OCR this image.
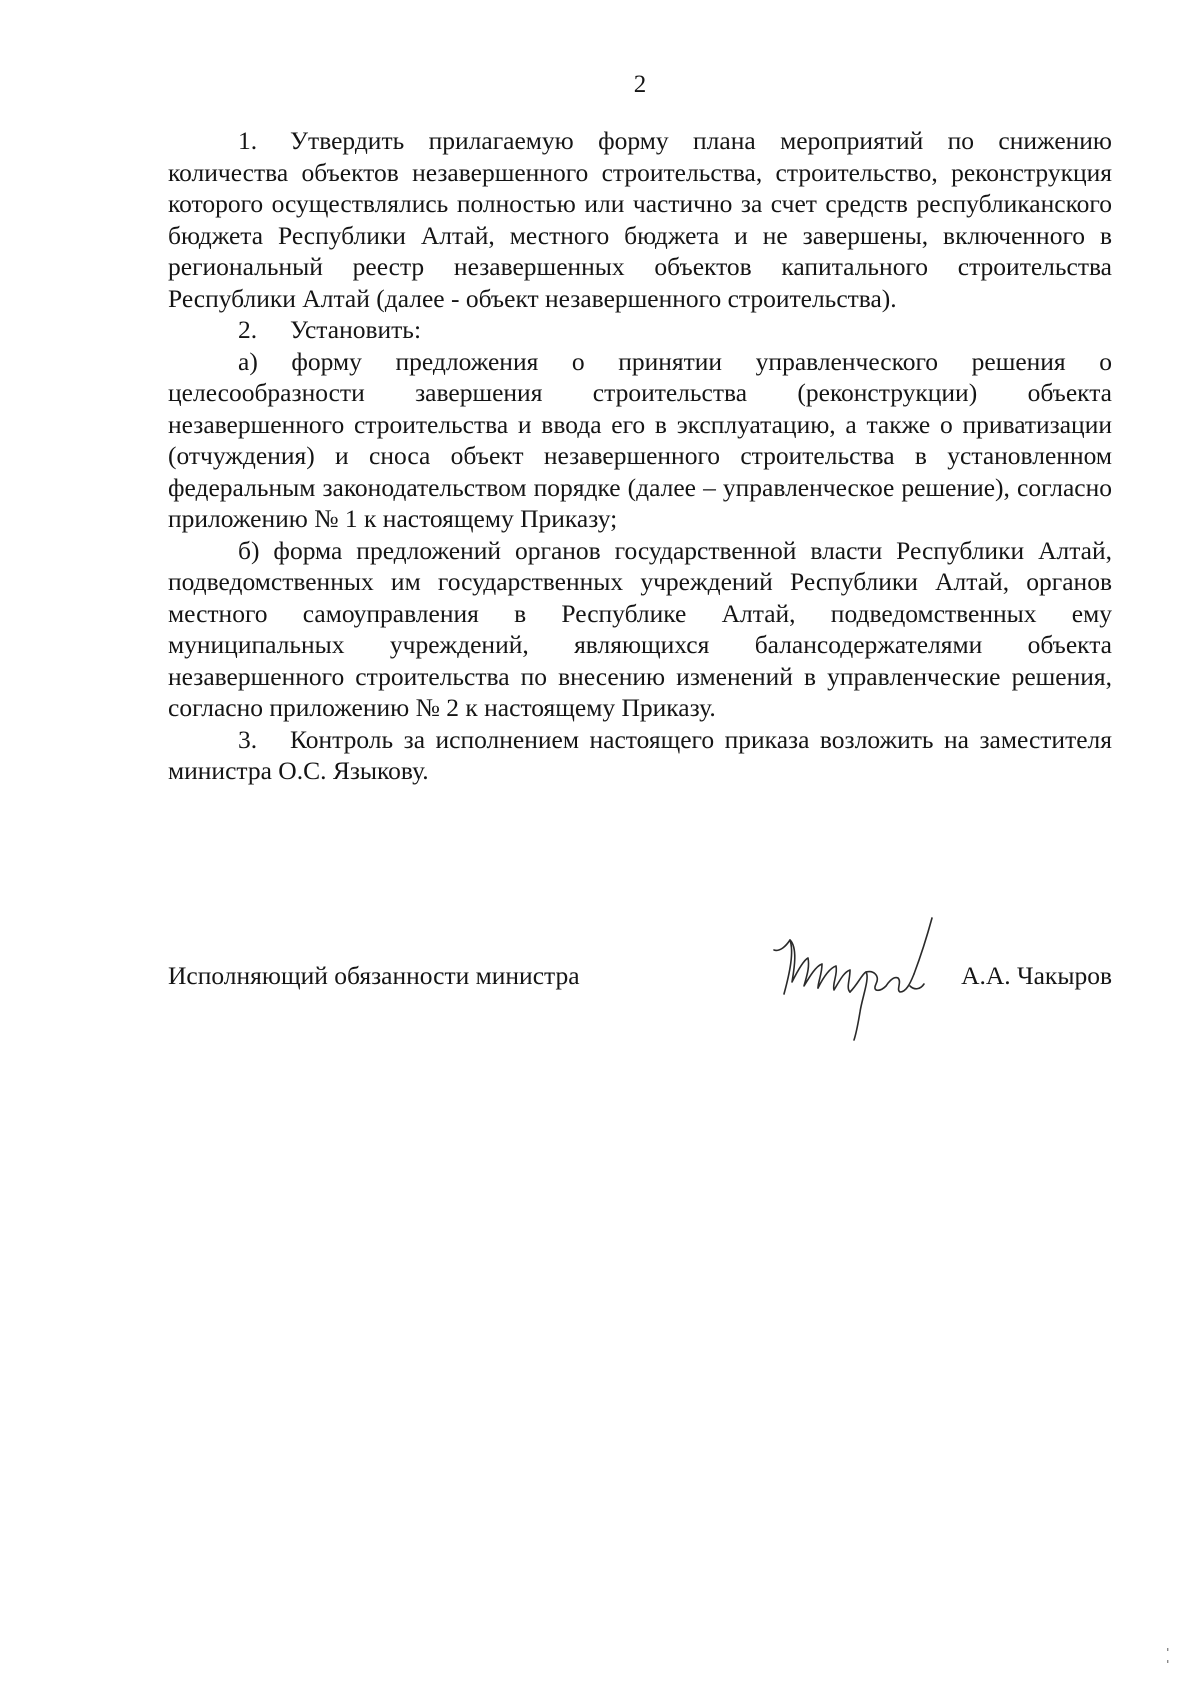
2

1. Утвердить прилагаемую форму плана мероприятий по снижению количества объектов незавершенного строительства, строительство, реконструкция которого осуществлялись полностью или частично за счет средств республиканского бюджета Республики Алтай, местного бюджета и не завершены, включенного в региональный реестр незавершенных объектов капитального строительства Республики Алтай (далее - объект незавершенного строительства).

2. Установить:

а) форму предложения о принятии управленческого решения о целесообразности завершения строительства (реконструкции) объекта незавершенного строительства и ввода его в эксплуатацию, а также о приватизации (отчуждения) и сноса объект незавершенного строительства в установленном федеральным законодательством порядке (далее – управленческое решение), согласно приложению № 1 к настоящему Приказу;

б) форма предложений органов государственной власти Республики Алтай, подведомственных им государственных учреждений Республики Алтай, органов местного самоуправления в Республике Алтай, подведомственных ему муниципальных учреждений, являющихся балансодержателями объекта незавершенного строительства по внесению изменений в управленческие решения, согласно приложению № 2 к настоящему Приказу.

3. Контроль за исполнением настоящего приказа возложить на заместителя министра О.С. Языкову.

Исполняющий обязанности министра	А.А. Чакыров
